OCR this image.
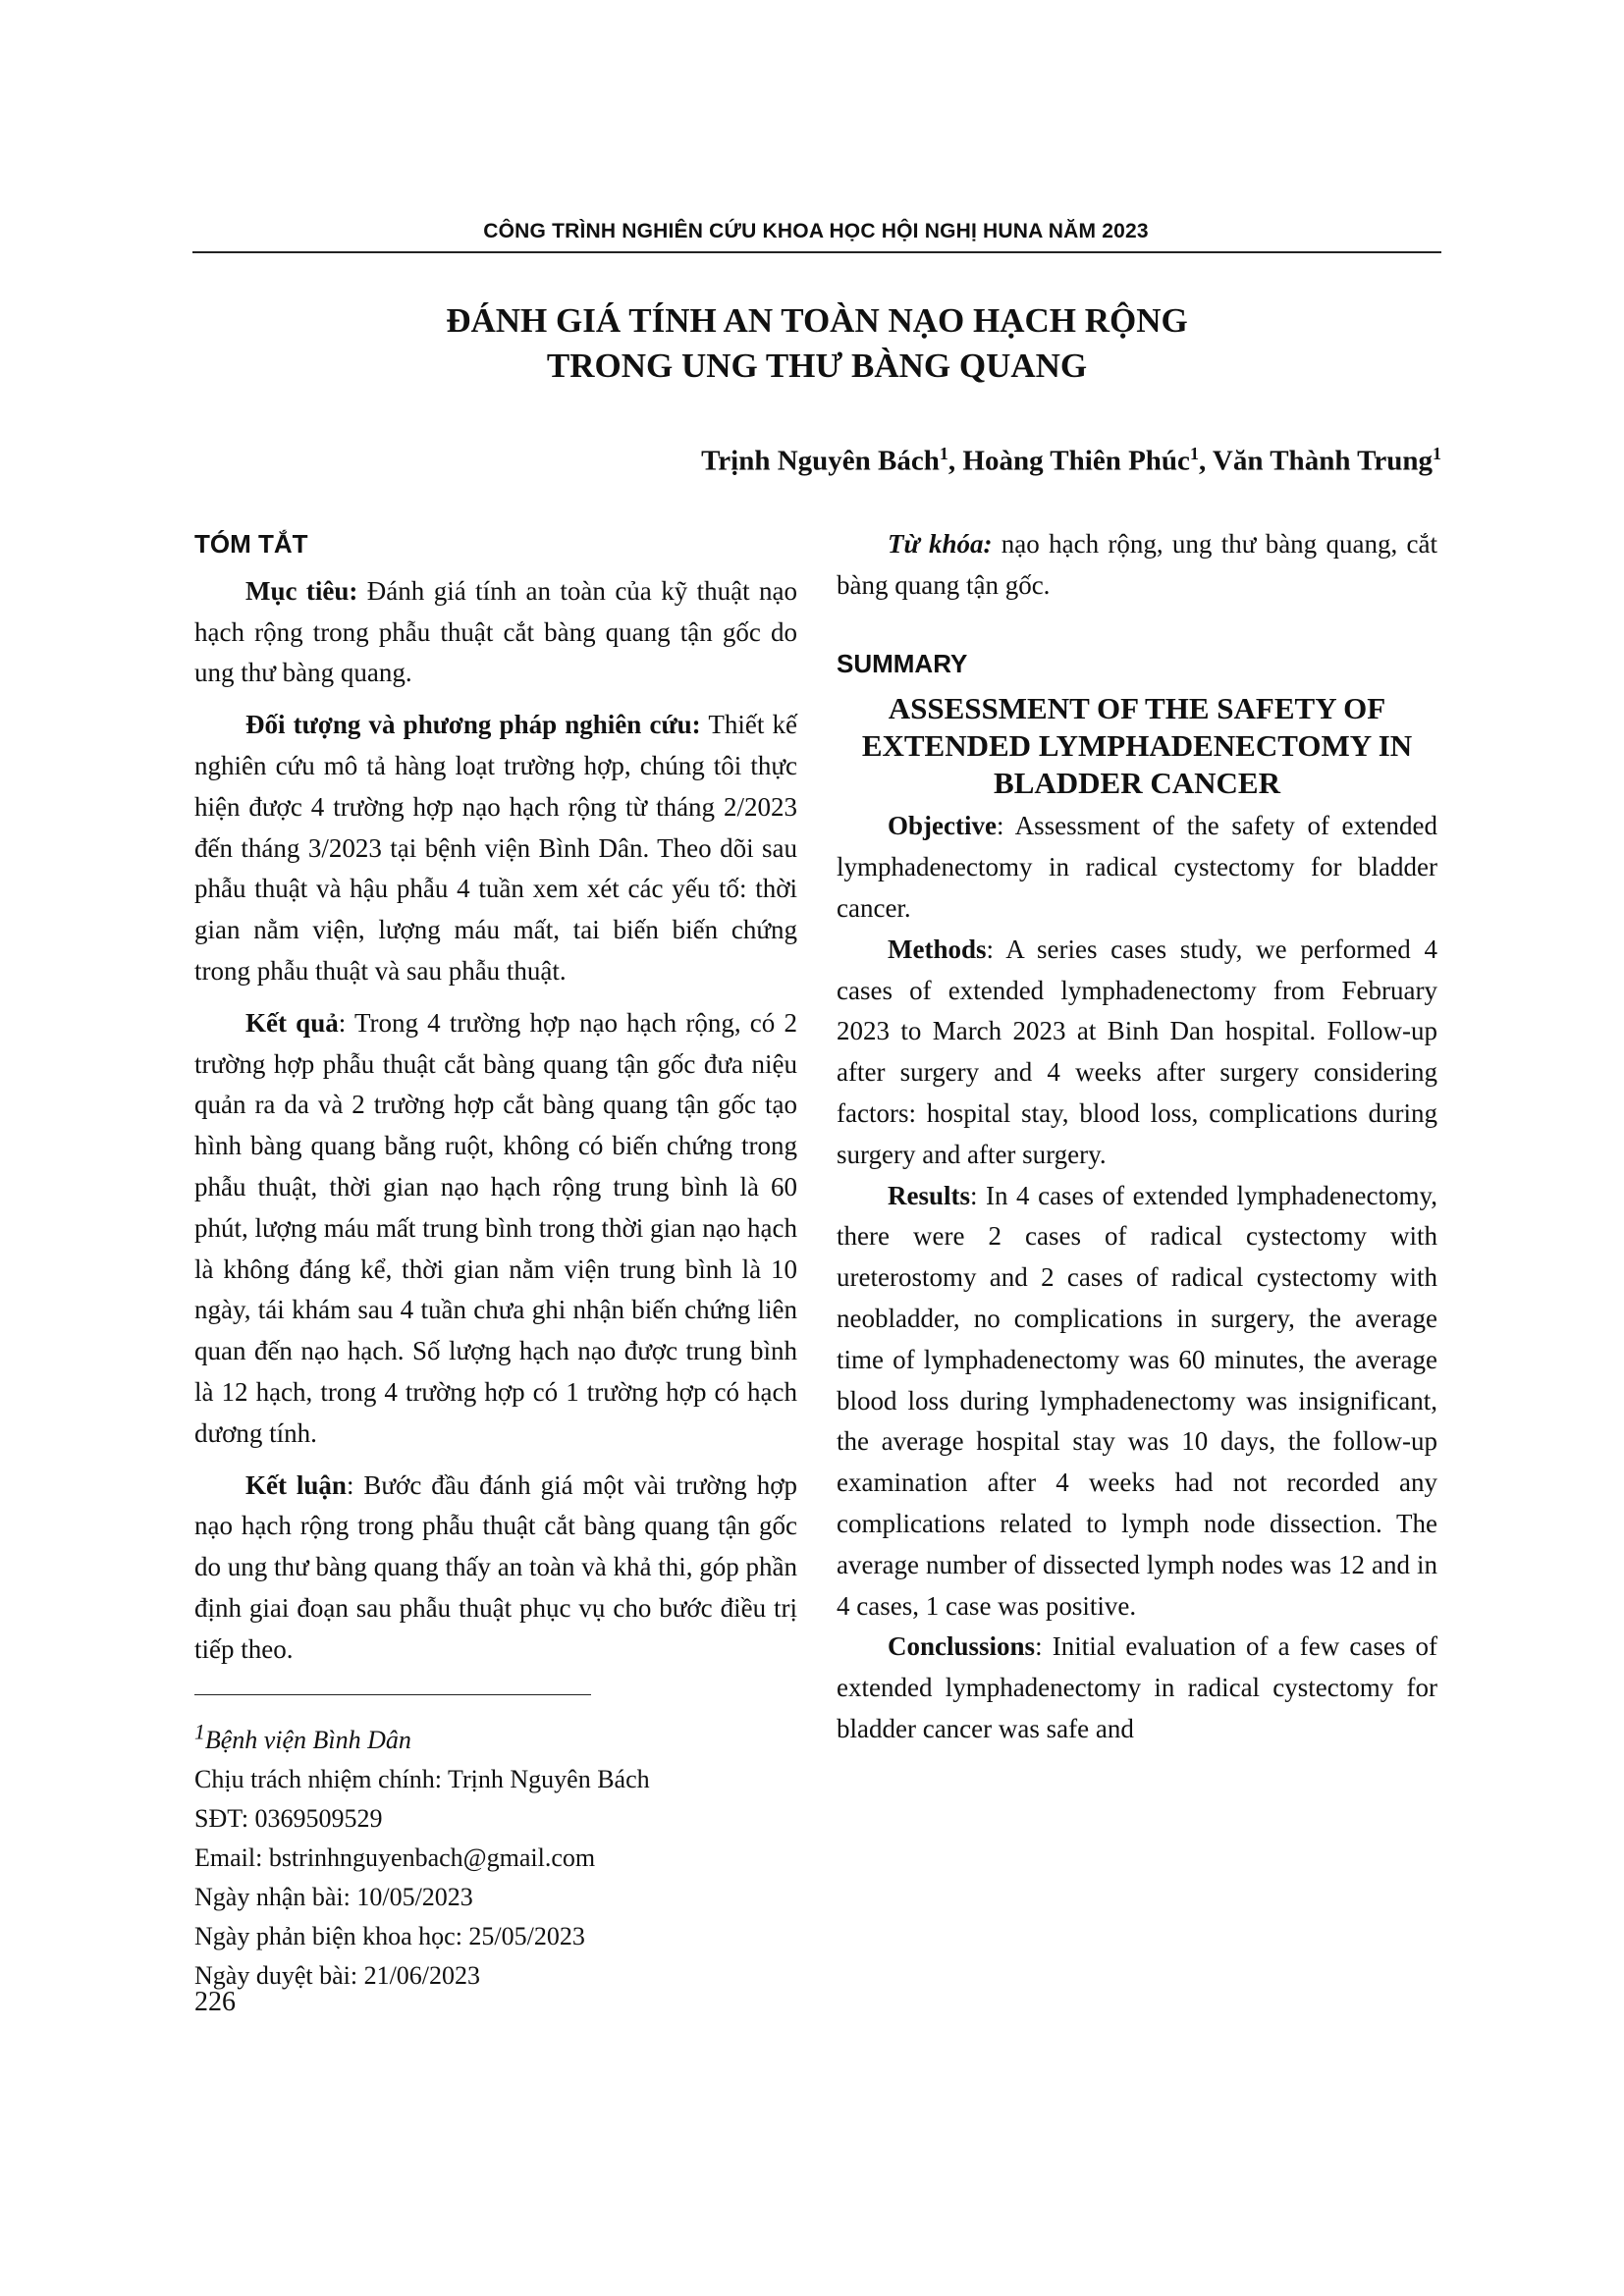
CÔNG TRÌNH NGHIÊN CỨU KHOA HỌC HỘI NGHỊ HUNA NĂM 2023
ĐÁNH GIÁ TÍNH AN TOÀN NẠO HẠCH RỘNG
TRONG UNG THƯ BÀNG QUANG
Trịnh Nguyên Bách$^1$, Hoàng Thiên Phúc$^1$, Văn Thành Trung$^1$
TÓM TẮT

Mục tiêu: Đánh giá tính an toàn của kỹ thuật nạo hạch rộng trong phẫu thuật cắt bàng quang tận gốc do ung thư bàng quang.

Đối tượng và phương pháp nghiên cứu: Thiết kế nghiên cứu mô tả hàng loạt trường hợp, chúng tôi thực hiện được 4 trường hợp nạo hạch rộng từ tháng 2/2023 đến tháng 3/2023 tại bệnh viện Bình Dân. Theo dõi sau phẫu thuật và hậu phẫu 4 tuần xem xét các yếu tố: thời gian nằm viện, lượng máu mất, tai biến biến chứng trong phẫu thuật và sau phẫu thuật.

Kết quả: Trong 4 trường hợp nạo hạch rộng, có 2 trường hợp phẫu thuật cắt bàng quang tận gốc đưa niệu quản ra da và 2 trường hợp cắt bàng quang tận gốc tạo hình bàng quang bằng ruột, không có biến chứng trong phẫu thuật, thời gian nạo hạch rộng trung bình là 60 phút, lượng máu mất trung bình trong thời gian nạo hạch là không đáng kể, thời gian nằm viện trung bình là 10 ngày, tái khám sau 4 tuần chưa ghi nhận biến chứng liên quan đến nạo hạch. Số lượng hạch nạo được trung bình là 12 hạch, trong 4 trường hợp có 1 trường hợp có hạch dương tính.

Kết luận: Bước đầu đánh giá một vài trường hợp nạo hạch rộng trong phẫu thuật cắt bàng quang tận gốc do ung thư bàng quang thấy an toàn và khả thi, góp phần định giai đoạn sau phẫu thuật phục vụ cho bước điều trị tiếp theo.

Từ khóa: nạo hạch rộng, ung thư bàng quang, cắt bàng quang tận gốc.

SUMMARY
ASSESSMENT OF THE SAFETY OF
EXTENDED LYMPHADENECTOMY IN
BLADDER CANCER

Objective: Assessment of the safety of extended lymphadenectomy in radical cystectomy for bladder cancer.

Methods: A series cases study, we performed 4 cases of extended lymphadenectomy from February 2023 to March 2023 at Binh Dan hospital. Follow-up after surgery and 4 weeks after surgery considering factors: hospital stay, blood loss, complications during surgery and after surgery.

Results: In 4 cases of extended lymphadenectomy, there were 2 cases of radical cystectomy with ureterostomy and 2 cases of radical cystectomy with neobladder, no complications in surgery, the average time of lymphadenectomy was 60 minutes, the average blood loss during lymphadenectomy was insignificant, the average hospital stay was 10 days, the follow-up examination after 4 weeks had not recorded any complications related to lymph node dissection. The average number of dissected lymph nodes was 12 and in 4 cases, 1 case was positive.

Conclussions: Initial evaluation of a few cases of extended lymphadenectomy in radical cystectomy for bladder cancer was safe and

$^1$Bệnh viện Bình Dân
Chịu trách nhiệm chính: Trịnh Nguyên Bách
SĐT: 0369509529
Email: bstrinhnguyenbach@gmail.com
Ngày nhận bài: 10/05/2023
Ngày phản biện khoa học: 25/05/2023
Ngày duyệt bài: 21/06/2023
226
